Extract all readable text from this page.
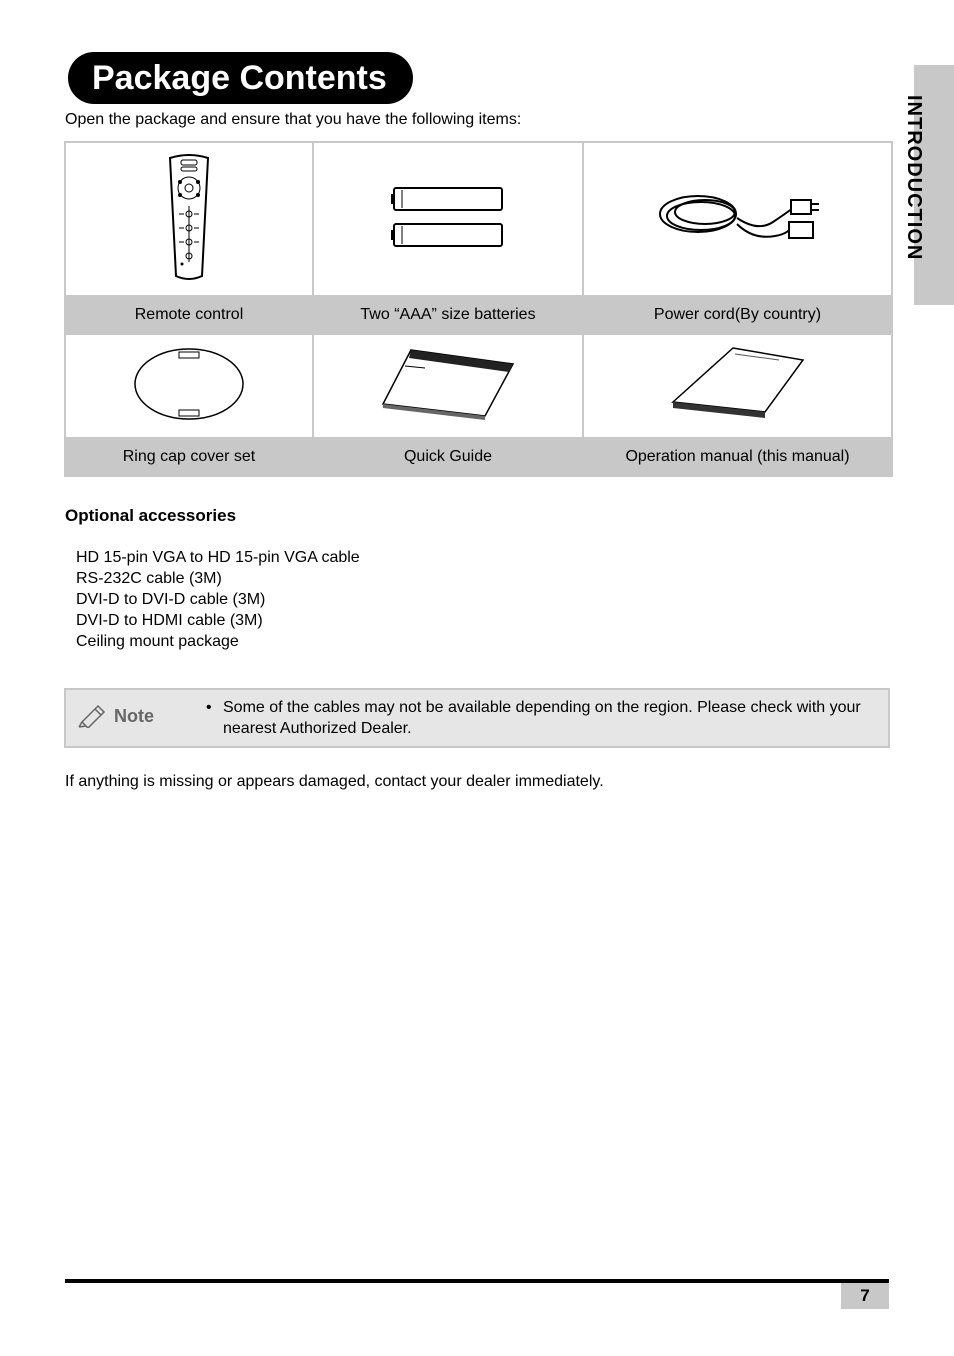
Package Contents
INTRODUCTION
Open the package and ensure that you have the following items:

Remote control	Two “AAA” size batteries	Power cord(By country)

Ring cap cover set	Quick Guide	Operation manual (this manual)
Optional accessories
HD 15-pin VGA to HD 15-pin VGA cable
RS-232C cable (3M)
DVI-D to DVI-D cable (3M)
DVI-D to HDMI cable (3M)
Ceiling mount package
Note	• Some of the cables may not be available depending on the region. Please check with your nearest Authorized Dealer.
If anything is missing or appears damaged, contact your dealer immediately.
7
